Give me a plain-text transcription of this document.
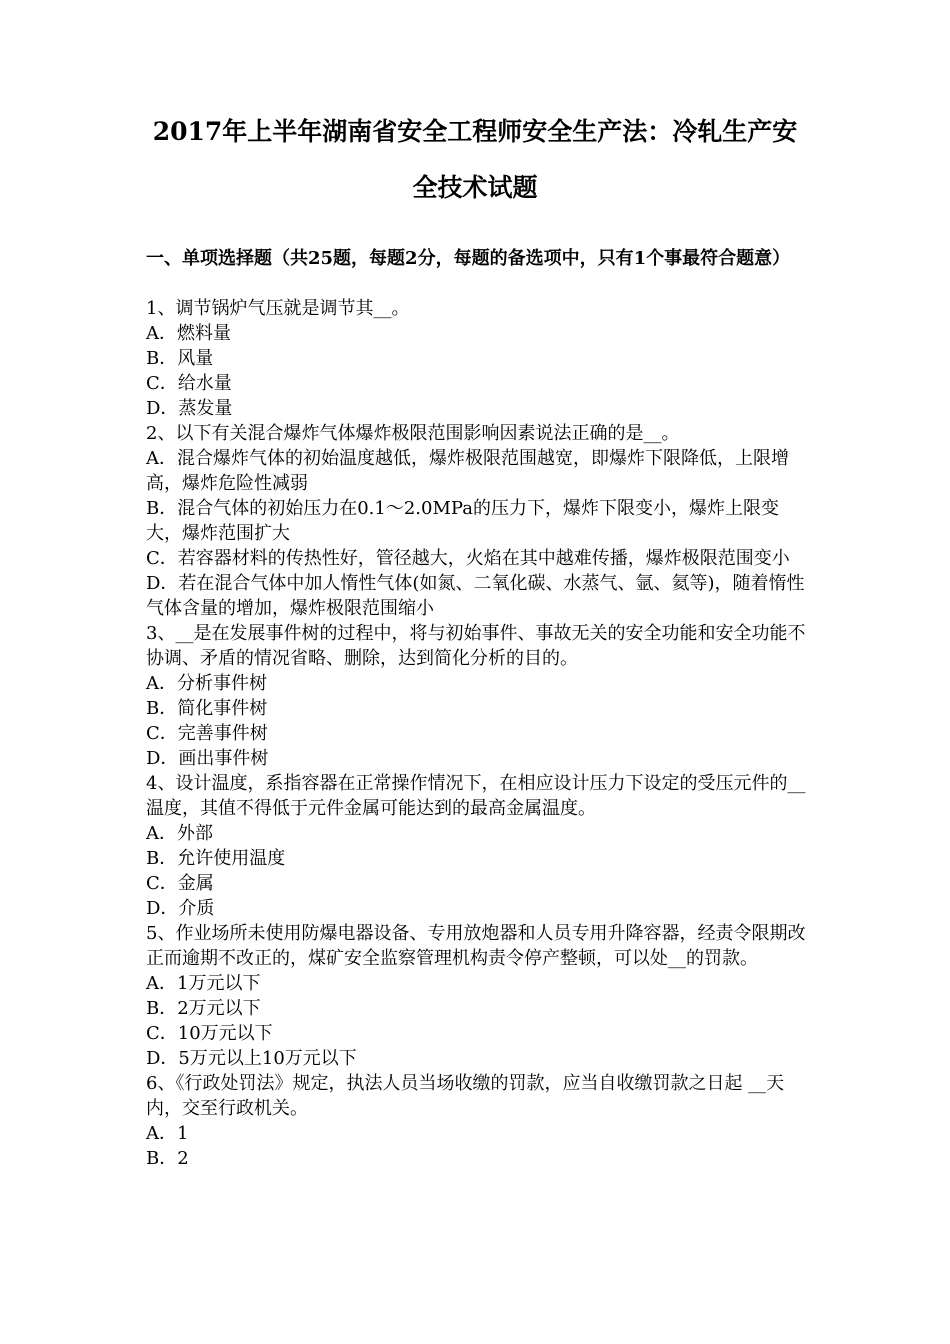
2017年上半年湖南省安全工程师安全生产法：冷轧生产安
全技术试题
一、单项选择题（共25题，每题2分，每题的备选项中，只有1个事最符合题意）

1、调节锅炉气压就是调节其__。

A．燃料量

B．风量

C．给水量

D．蒸发量

2、以下有关混合爆炸气体爆炸极限范围影响因素说法正确的是__。

A．混合爆炸气体的初始温度越低，爆炸极限范围越宽，即爆炸下限降低，上限增高，爆炸危险性减弱

B．混合气体的初始压力在0.1～2.0MPa的压力下，爆炸下限变小，爆炸上限变大，爆炸范围扩大

C．若容器材料的传热性好，管径越大，火焰在其中越难传播，爆炸极限范围变小

D．若在混合气体中加人惰性气体(如氮、二氧化碳、水蒸气、氩、氦等)，随着惰性气体含量的增加，爆炸极限范围缩小

3、__是在发展事件树的过程中，将与初始事件、事故无关的安全功能和安全功能不协调、矛盾的情况省略、删除，达到简化分析的目的。

A．分析事件树

B．简化事件树

C．完善事件树

D．画出事件树

4、设计温度，系指容器在正常操作情况下，在相应设计压力下设定的受压元件的__温度，其值不得低于元件金属可能达到的最高金属温度。

A．外部

B．允许使用温度

C．金属

D．介质

5、作业场所未使用防爆电器设备、专用放炮器和人员专用升降容器，经责令限期改正而逾期不改正的，煤矿安全监察管理机构责令停产整顿，可以处__的罚款。

A．1万元以下

B．2万元以下

C．10万元以下

D．5万元以上10万元以下

6、《行政处罚法》规定，执法人员当场收缴的罚款，应当自收缴罚款之日起 __天内，交至行政机关。

A．1

B．2
